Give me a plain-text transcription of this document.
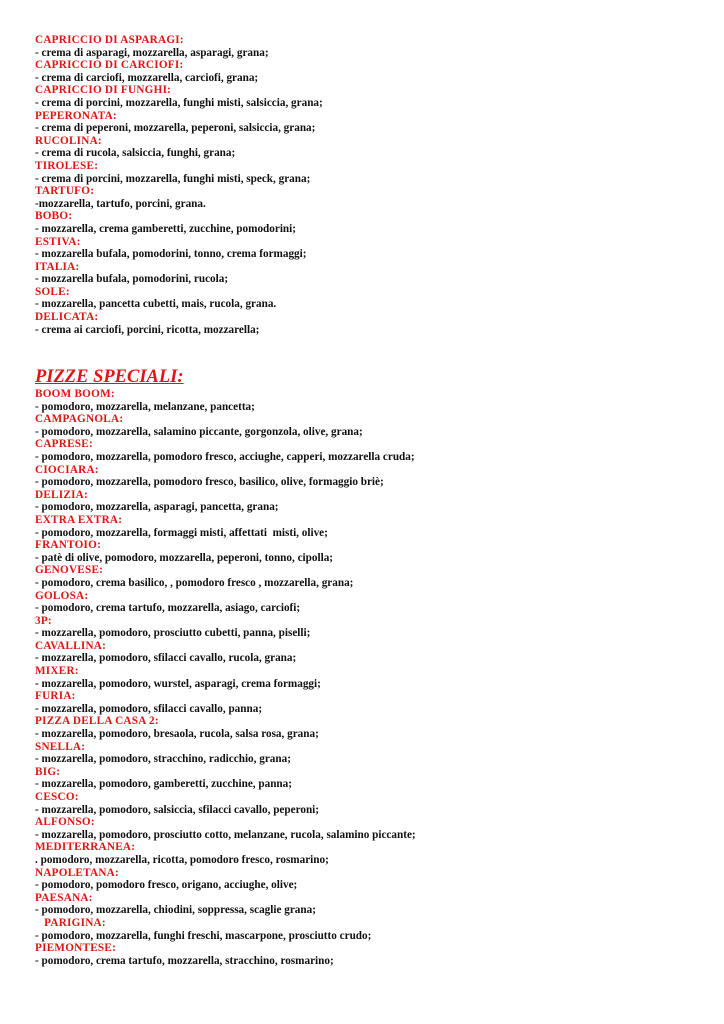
CAPRICCIO DI ASPARAGI:
- crema di asparagi, mozzarella, asparagi, grana;
CAPRICCIO DI CARCIOFI:
- crema di carciofi, mozzarella, carciofi, grana;
CAPRICCIO DI FUNGHI:
- crema di porcini, mozzarella, funghi misti, salsiccia, grana;
PEPERONATA:
- crema di peperoni, mozzarella, peperoni, salsiccia, grana;
RUCOLINA:
- crema di rucola, salsiccia, funghi, grana;
TIROLESE:
- crema di porcini, mozzarella, funghi misti, speck, grana;
TARTUFO:
-mozzarella, tartufo, porcini, grana.
BOBO:
- mozzarella, crema gamberetti, zucchine, pomodorini;
ESTIVA:
- mozzarella bufala, pomodorini, tonno, crema formaggi;
ITALIA:
- mozzarella bufala, pomodorini, rucola;
SOLE:
- mozzarella, pancetta cubetti, mais, rucola, grana.
DELICATA:
- crema ai carciofi, porcini, ricotta, mozzarella;
PIZZE SPECIALI:
BOOM BOOM:
- pomodoro, mozzarella, melanzane, pancetta;
CAMPAGNOLA:
- pomodoro, mozzarella, salamino piccante, gorgonzola, olive, grana;
CAPRESE:
- pomodoro, mozzarella, pomodoro fresco, acciughe, capperi, mozzarella cruda;
CIOCIARA:
- pomodoro, mozzarella, pomodoro fresco, basilico, olive, formaggio briè;
DELIZIA:
- pomodoro, mozzarella, asparagi, pancetta, grana;
EXTRA EXTRA:
- pomodoro, mozzarella, formaggi misti, affettati  misti, olive;
FRANTOIO:
- patè di olive, pomodoro, mozzarella, peperoni, tonno, cipolla;
GENOVESE:
- pomodoro, crema basilico, , pomodoro fresco , mozzarella, grana;
GOLOSA:
- pomodoro, crema tartufo, mozzarella, asiago, carciofi;
3P:
- mozzarella, pomodoro, prosciutto cubetti, panna, piselli;
CAVALLINA:
- mozzarella, pomodoro, sfilacci cavallo, rucola, grana;
MIXER:
- mozzarella, pomodoro, wurstel, asparagi, crema formaggi;
FURIA:
- mozzarella, pomodoro, sfilacci cavallo, panna;
PIZZA DELLA CASA 2:
- mozzarella, pomodoro, bresaola, rucola, salsa rosa, grana;
SNELLA:
- mozzarella, pomodoro, stracchino, radicchio, grana;
BIG:
- mozzarella, pomodoro, gamberetti, zucchine, panna;
CESCO:
- mozzarella, pomodoro, salsiccia, sfilacci cavallo, peperoni;
ALFONSO:
- mozzarella, pomodoro, prosciutto cotto, melanzane, rucola, salamino piccante;
MEDITERRANEA:
. pomodoro, mozzarella, ricotta, pomodoro fresco, rosmarino;
NAPOLETANA:
- pomodoro, pomodoro fresco, origano, acciughe, olive;
PAESANA:
- pomodoro, mozzarella, chiodini, soppressa, scaglie grana;
PARIGINA:
- pomodoro, mozzarella, funghi freschi, mascarpone, prosciutto crudo;
PIEMONTESE:
- pomodoro, crema tartufo, mozzarella, stracchino, rosmarino;
